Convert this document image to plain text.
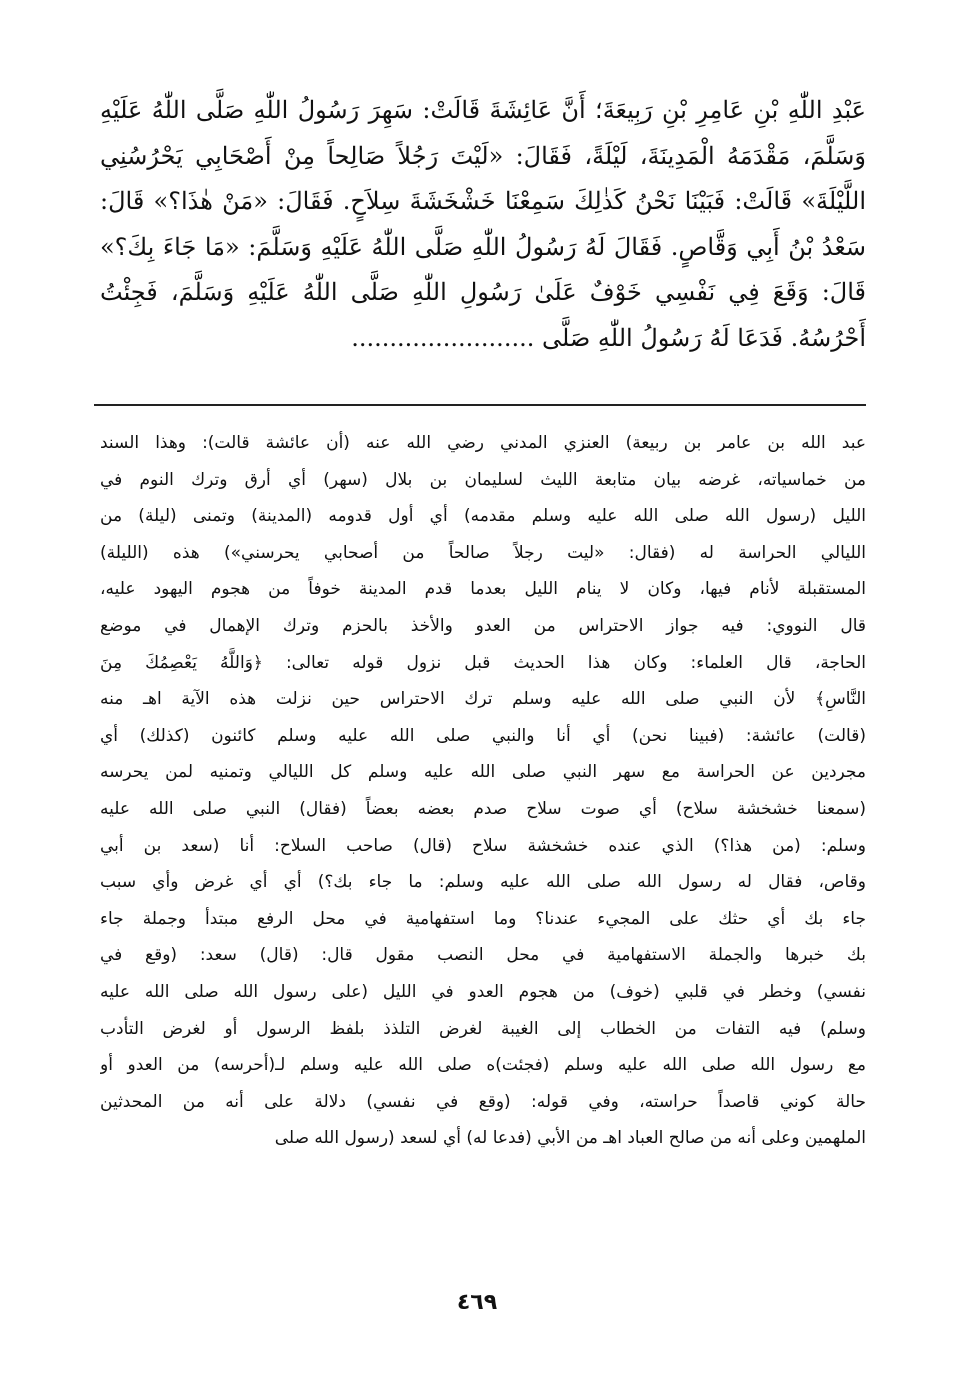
عَبْدِ اللّٰهِ بْنِ عَامِرِ بْنِ رَبِيعَةَ؛ أَنَّ عَائِشَةَ قَالَتْ: سَهِرَ رَسُولُ اللّٰهِ صَلَّى اللّٰهُ عَلَيْهِ
وَسَلَّمَ، مَقْدَمَهُ الْمَدِينَةَ، لَيْلَةً، فَقَالَ: «لَيْتَ رَجُلاً صَالِحاً مِنْ أَصْحَابِي يَحْرُسُنِي
اللَّيْلَةَ» قَالَتْ: فَبَيْنَا نَحْنُ كَذٰلِكَ سَمِعْنَا خَشْخَشَةَ سِلاَحٍ. فَقَالَ: «مَنْ هٰذَا؟» قَالَ:
سَعْدُ بْنُ أَبِي وَقَّاصٍ. فَقَالَ لَهُ رَسُولُ اللّٰهِ صَلَّى اللّٰهُ عَلَيْهِ وَسَلَّمَ: «مَا جَاءَ بِكَ؟»
قَالَ: وَقَعَ فِي نَفْسِي خَوْفٌ عَلَىٰ رَسُولِ اللّٰهِ صَلَّى اللّٰهُ عَلَيْهِ وَسَلَّمَ، فَجِئْتُ
أَحْرُسُهُ. فَدَعَا لَهُ رَسُولُ اللّٰهِ صَلَّى ........................
عبد الله بن عامر بن ربيعة) العنزي المدني رضي الله عنه (أن عائشة قالت): وهذا السند
من خماسياته، غرضه بيان متابعة الليث لسليمان بن بلال (سهر) أي أرق وترك النوم في
الليل (رسول الله صلى الله عليه وسلم مقدمه) أي أول قدومه (المدينة) وتمنى (ليلة) من
الليالي الحراسة له (فقال: «ليت رجلاً صالحاً من أصحابي يحرسني») هذه (الليلة)
المستقبلة لأنام فيها، وكان لا ينام الليل بعدما قدم المدينة خوفاً من هجوم اليهود عليه،
قال النووي: فيه جواز الاحتراس من العدو والأخذ بالحزم وترك الإهمال في موضع
الحاجة، قال العلماء: وكان هذا الحديث قبل نزول قوله تعالى: ﴿وَاللَّهُ يَعْصِمُكَ مِنَ
النَّاسِ﴾ لأن النبي صلى الله عليه وسلم ترك الاحتراس حين نزلت هذه الآية اهـ منه
(قالت) عائشة: (فبينا نحن) أي أنا والنبي صلى الله عليه وسلم كائنون (كذلك) أي
مجردين عن الحراسة مع سهر النبي صلى الله عليه وسلم كل الليالي وتمنيه لمن يحرسه
(سمعنا خشخشة سلاح) أي صوت سلاح صدم بعضه بعضاً (فقال) النبي صلى الله عليه
وسلم: (من هذا؟) الذي عنده خشخشة سلاح (قال) صاحب السلاح: أنا (سعد بن أبي
وقاص، فقال له رسول الله صلى الله عليه وسلم: ما جاء بك؟) أي أي غرض وأي سبب
جاء بك أي حثك على المجيء عندنا؟ وما استفهامية في محل الرفع مبتدأ وجملة جاء
بك خبرها والجملة الاستفهامية في محل النصب مقول قال: (قال) سعد: (وقع في
نفسي) وخطر في قلبي (خوف) من هجوم العدو في الليل (على رسول الله صلى الله عليه
وسلم) فيه التفات من الخطاب إلى الغيبة لغرض التلذذ بلفظ الرسول أو لغرض التأدب
مع رسول الله صلى الله عليه وسلم (فجئت)ه صلى الله عليه وسلم لـ(أحرسه) من العدو أو
حالة كوني قاصداً حراسته، وفي قوله: (وقع في نفسي) دلالة على أنه من المحدثين
الملهمين وعلى أنه من صالح العباد اهـ من الأبي (فدعا له) أي لسعد (رسول الله صلى
٤٦٩
